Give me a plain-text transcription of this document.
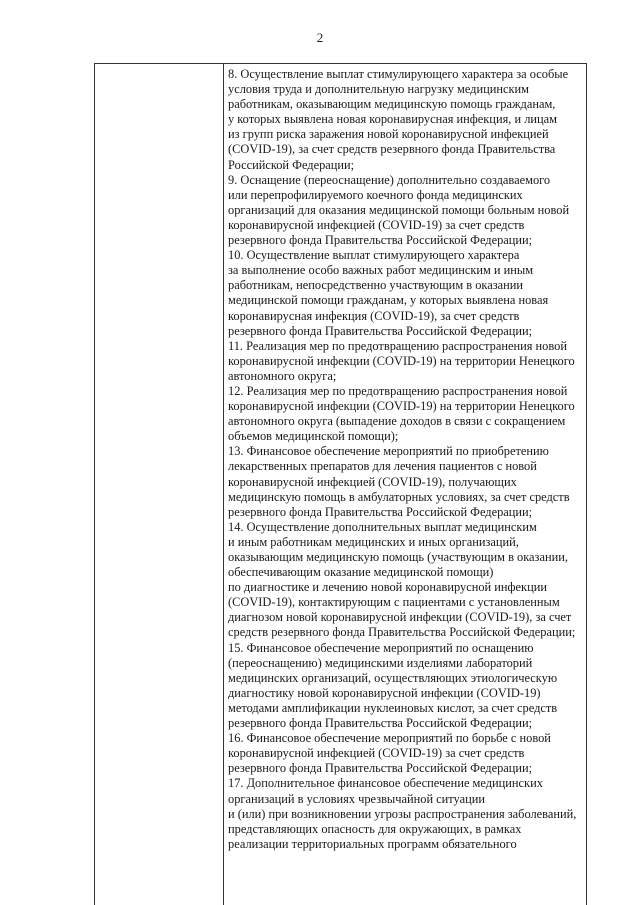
2
8. Осуществление выплат стимулирующего характера за особые
условия труда и дополнительную нагрузку медицинским
работникам, оказывающим медицинскую помощь гражданам,
у которых выявлена новая коронавирусная инфекция, и лицам
из групп риска заражения новой коронавирусной инфекцией
(COVID-19), за счет средств резервного фонда Правительства
Российской Федерации;
9. Оснащение (переоснащение) дополнительно создаваемого
или перепрофилируемого коечного фонда медицинских
организаций для оказания медицинской помощи больным новой
коронавирусной инфекцией (COVID-19) за счет средств
резервного фонда Правительства Российской Федерации;
10. Осуществление выплат стимулирующего характера
за выполнение особо важных работ медицинским и иным
работникам, непосредственно участвующим в оказании
медицинской помощи гражданам, у которых выявлена новая
коронавирусная инфекция (COVID-19), за счет средств
резервного фонда Правительства Российской Федерации;
11. Реализация мер по предотвращению распространения новой
коронавирусной инфекции (COVID-19) на территории Ненецкого
автономного округа;
12. Реализация мер по предотвращению распространения новой
коронавирусной инфекции (COVID-19) на территории Ненецкого
автономного округа (выпадение доходов в связи с сокращением
объемов медицинской помощи);
13. Финансовое обеспечение мероприятий по приобретению
лекарственных препаратов для лечения пациентов с новой
коронавирусной инфекцией (COVID-19), получающих
медицинскую помощь в амбулаторных условиях, за счет средств
резервного фонда Правительства Российской Федерации;
14. Осуществление дополнительных выплат медицинским
и иным работникам медицинских и иных организаций,
оказывающим медицинскую помощь (участвующим в оказании,
обеспечивающим оказание медицинской помощи)
по диагностике и лечению новой коронавирусной инфекции
(COVID-19), контактирующим с пациентами с установленным
диагнозом новой коронавирусной инфекции (COVID-19), за счет
средств резервного фонда Правительства Российской Федерации;
15. Финансовое обеспечение мероприятий по оснащению
(переоснащению) медицинскими изделиями лабораторий
медицинских организаций, осуществляющих этиологическую
диагностику новой коронавирусной инфекции (COVID-19)
методами амплификации нуклеиновых кислот, за счет средств
резервного фонда Правительства Российской Федерации;
16. Финансовое обеспечение мероприятий по борьбе с новой
коронавирусной инфекцией (COVID-19) за счет средств
резервного фонда Правительства Российской Федерации;
17. Дополнительное финансовое обеспечение медицинских
организаций в условиях чрезвычайной ситуации
и (или) при возникновении угрозы распространения заболеваний,
представляющих опасность для окружающих, в рамках
реализации территориальных программ обязательного
